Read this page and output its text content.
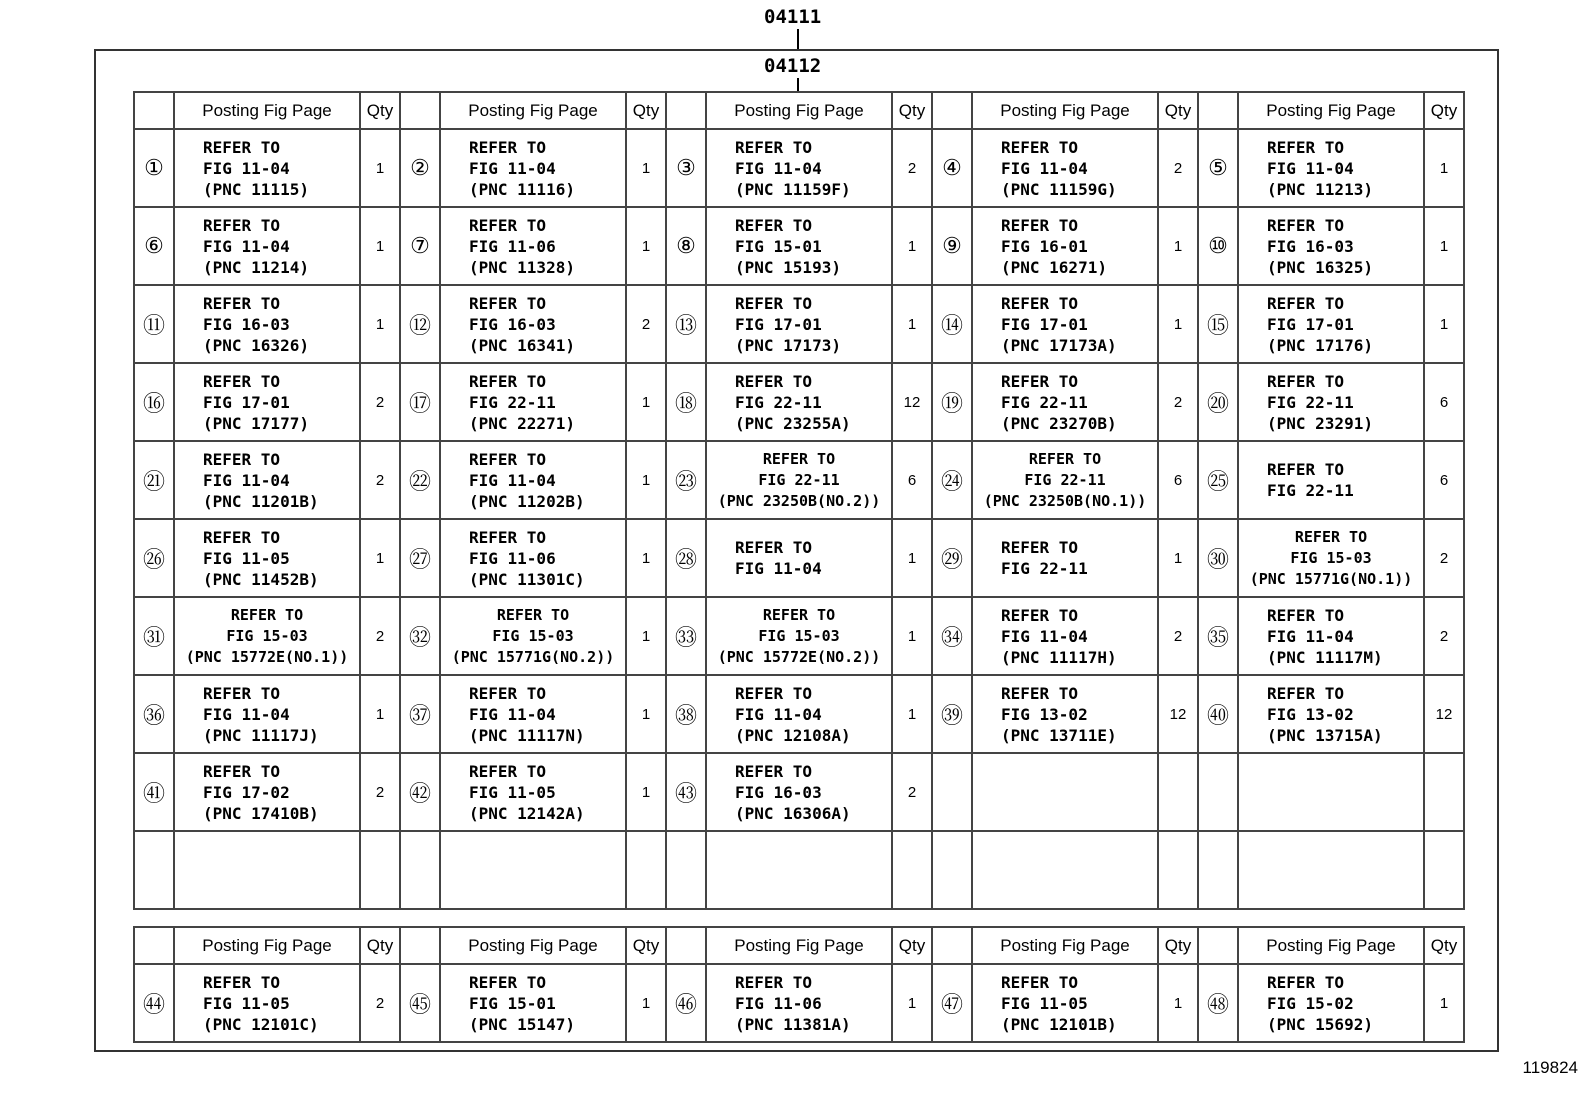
04111
04112
	Posting Fig Page	Qty		Posting Fig Page	Qty		Posting Fig Page	Qty		Posting Fig Page	Qty		Posting Fig Page	Qty
①	REFER TO
FIG 11-04
(PNC 11115)	1	②	REFER TO
FIG 11-04
(PNC 11116)	1	③	REFER TO
FIG 11-04
(PNC 11159F)	2	④	REFER TO
FIG 11-04
(PNC 11159G)	2	⑤	REFER TO
FIG 11-04
(PNC 11213)	1
⑥	REFER TO
FIG 11-04
(PNC 11214)	1	⑦	REFER TO
FIG 11-06
(PNC 11328)	1	⑧	REFER TO
FIG 15-01
(PNC 15193)	1	⑨	REFER TO
FIG 16-01
(PNC 16271)	1	⑩	REFER TO
FIG 16-03
(PNC 16325)	1
⑪	REFER TO
FIG 16-03
(PNC 16326)	1	⑫	REFER TO
FIG 16-03
(PNC 16341)	2	⑬	REFER TO
FIG 17-01
(PNC 17173)	1	⑭	REFER TO
FIG 17-01
(PNC 17173A)	1	⑮	REFER TO
FIG 17-01
(PNC 17176)	1
⑯	REFER TO
FIG 17-01
(PNC 17177)	2	⑰	REFER TO
FIG 22-11
(PNC 22271)	1	⑱	REFER TO
FIG 22-11
(PNC 23255A)	12	⑲	REFER TO
FIG 22-11
(PNC 23270B)	2	⑳	REFER TO
FIG 22-11
(PNC 23291)	6
㉑	REFER TO
FIG 11-04
(PNC 11201B)	2	㉒	REFER TO
FIG 11-04
(PNC 11202B)	1	㉓	REFER TO
FIG 22-11
(PNC 23250B(NO.2))	6	㉔	REFER TO
FIG 22-11
(PNC 23250B(NO.1))	6	㉕	REFER TO
FIG 22-11	6
㉖	REFER TO
FIG 11-05
(PNC 11452B)	1	㉗	REFER TO
FIG 11-06
(PNC 11301C)	1	㉘	REFER TO
FIG 11-04	1	㉙	REFER TO
FIG 22-11	1	㉚	REFER TO
FIG 15-03
(PNC 15771G(NO.1))	2
㉛	REFER TO
FIG 15-03
(PNC 15772E(NO.1))	2	㉜	REFER TO
FIG 15-03
(PNC 15771G(NO.2))	1	㉝	REFER TO
FIG 15-03
(PNC 15772E(NO.2))	1	㉞	REFER TO
FIG 11-04
(PNC 11117H)	2	㉟	REFER TO
FIG 11-04
(PNC 11117M)	2
㊱	REFER TO
FIG 11-04
(PNC 11117J)	1	㊲	REFER TO
FIG 11-04
(PNC 11117N)	1	㊳	REFER TO
FIG 11-04
(PNC 12108A)	1	㊴	REFER TO
FIG 13-02
(PNC 13711E)	12	㊵	REFER TO
FIG 13-02
(PNC 13715A)	12
㊶	REFER TO
FIG 17-02
(PNC 17410B)	2	㊷	REFER TO
FIG 11-05
(PNC 12142A)	1	㊸	REFER TO
FIG 16-03
(PNC 16306A)	2		

	Posting Fig Page	Qty		Posting Fig Page	Qty		Posting Fig Page	Qty		Posting Fig Page	Qty		Posting Fig Page	Qty
㊹	REFER TO
FIG 11-05
(PNC 12101C)	2	㊺	REFER TO
FIG 15-01
(PNC 15147)	1	㊻	REFER TO
FIG 11-06
(PNC 11381A)	1	㊼	REFER TO
FIG 11-05
(PNC 12101B)	1	㊽	REFER TO
FIG 15-02
(PNC 15692)	1
119824
